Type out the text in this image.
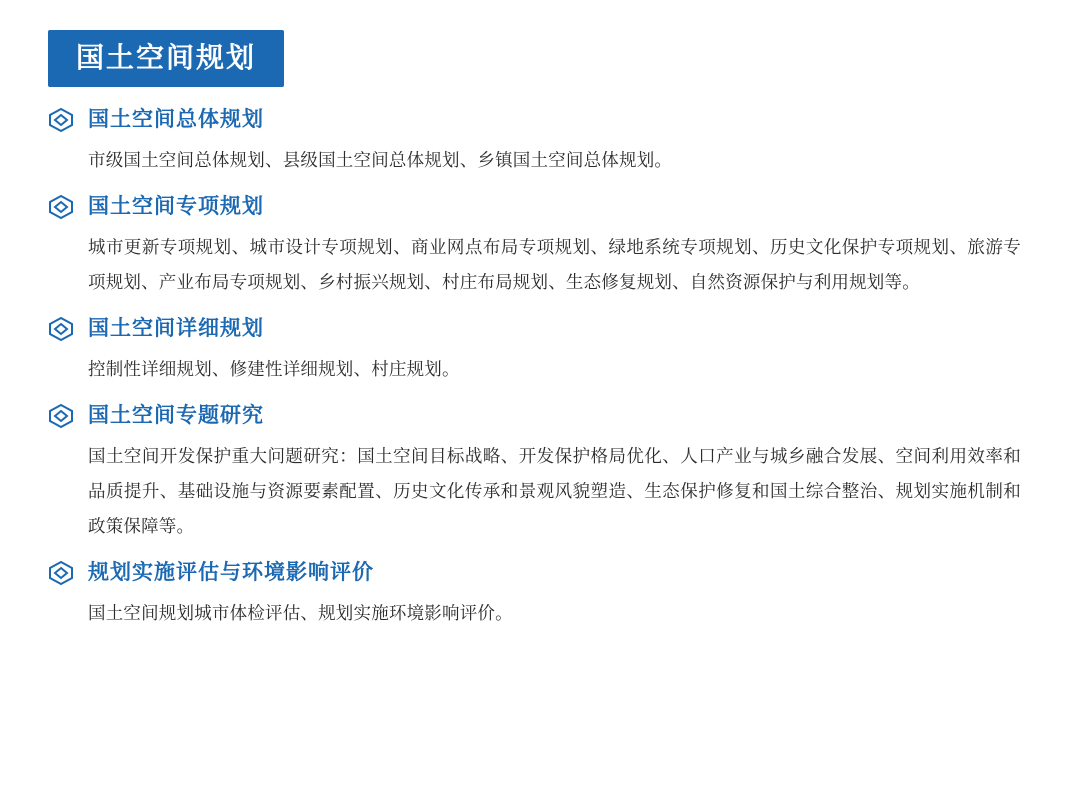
国土空间规划
国土空间总体规划

市级国土空间总体规划、县级国土空间总体规划、乡镇国土空间总体规划。

国土空间专项规划

城市更新专项规划、城市设计专项规划、商业网点布局专项规划、绿地系统专项规划、历史文化保护专项规划、旅游专项规划、产业布局专项规划、乡村振兴规划、村庄布局规划、生态修复规划、自然资源保护与利用规划等。

国土空间详细规划

控制性详细规划、修建性详细规划、村庄规划。

国土空间专题研究

国土空间开发保护重大问题研究：国土空间目标战略、开发保护格局优化、人口产业与城乡融合发展、空间利用效率和品质提升、基础设施与资源要素配置、历史文化传承和景观风貌塑造、生态保护修复和国土综合整治、规划实施机制和政策保障等。

规划实施评估与环境影响评价

国土空间规划城市体检评估、规划实施环境影响评价。
